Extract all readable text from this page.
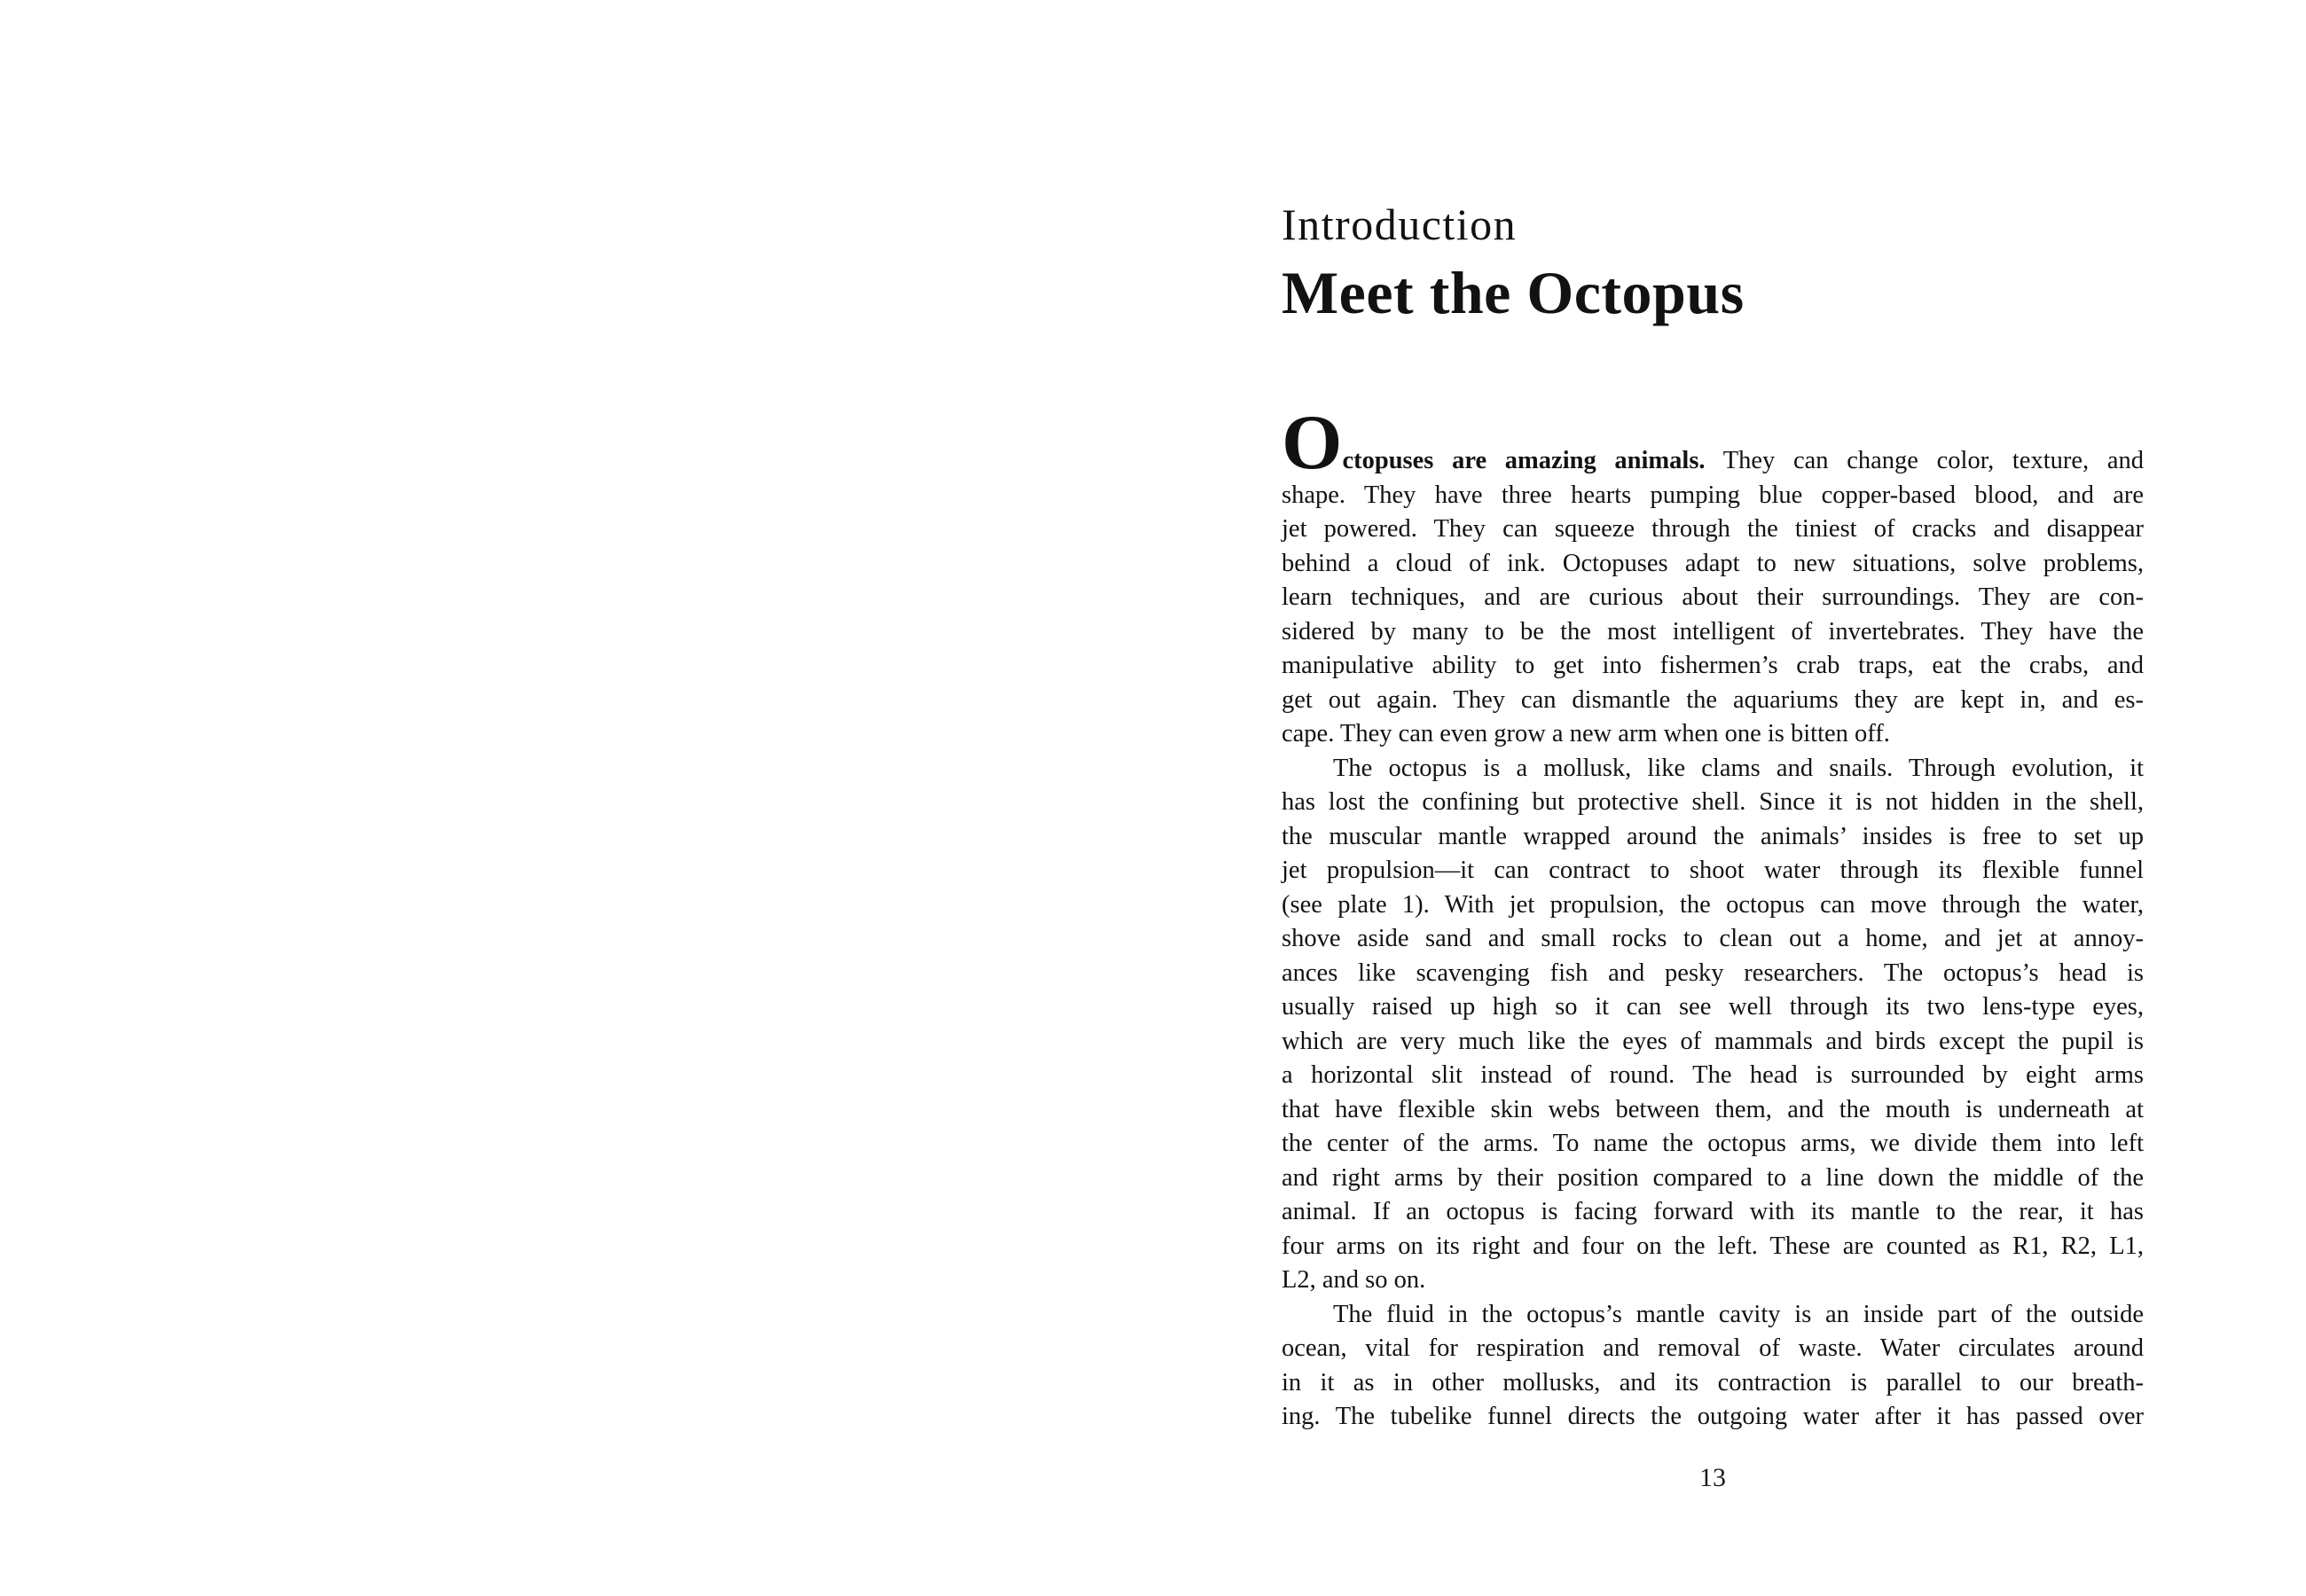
Introduction
Meet the Octopus
Octopuses are amazing animals. They can change color, texture, and
shape. They have three hearts pumping blue copper-based blood, and are
jet powered. They can squeeze through the tiniest of cracks and disappear
behind a cloud of ink. Octopuses adapt to new situations, solve problems,
learn techniques, and are curious about their surroundings. They are con-
sidered by many to be the most intelligent of invertebrates. They have the
manipulative ability to get into fishermen’s crab traps, eat the crabs, and
get out again. They can dismantle the aquariums they are kept in, and es-
cape. They can even grow a new arm when one is bitten off.
The octopus is a mollusk, like clams and snails. Through evolution, it
has lost the confining but protective shell. Since it is not hidden in the shell,
the muscular mantle wrapped around the animals’ insides is free to set up
jet propulsion—it can contract to shoot water through its flexible funnel
(see plate 1). With jet propulsion, the octopus can move through the water,
shove aside sand and small rocks to clean out a home, and jet at annoy-
ances like scavenging fish and pesky researchers. The octopus’s head is
usually raised up high so it can see well through its two lens-type eyes,
which are very much like the eyes of mammals and birds except the pupil is
a horizontal slit instead of round. The head is surrounded by eight arms
that have flexible skin webs between them, and the mouth is underneath at
the center of the arms. To name the octopus arms, we divide them into left
and right arms by their position compared to a line down the middle of the
animal. If an octopus is facing forward with its mantle to the rear, it has
four arms on its right and four on the left. These are counted as R1, R2, L1,
L2, and so on.
The fluid in the octopus’s mantle cavity is an inside part of the outside
ocean, vital for respiration and removal of waste. Water circulates around
in it as in other mollusks, and its contraction is parallel to our breath-
ing. The tubelike funnel directs the outgoing water after it has passed over
13
